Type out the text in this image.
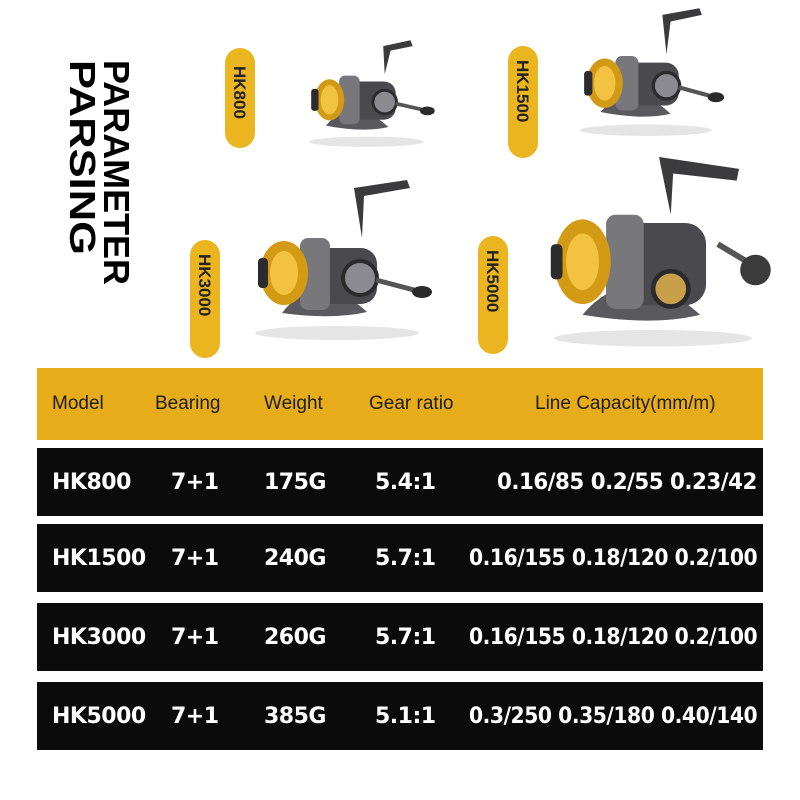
PARAMETER
PARSING	HK800	HK1500
HK3000	HK5000
Model	Bearing Weight Gear ratio	Line Capacity(mm/m)
HK800 7+1 175G 5.4:1	0.16/85 0.2/55 0.23/42
HK1500 7+1 240G 5.7:1 0.16/155 0.18/120 0.2/100
HK3000 7+1 260G 5.7:1 0.16/155 0.18/120 0.2/100
HK5000 7+1 385G 5.1:1 0.3/250 0.35/180 0.40/140
